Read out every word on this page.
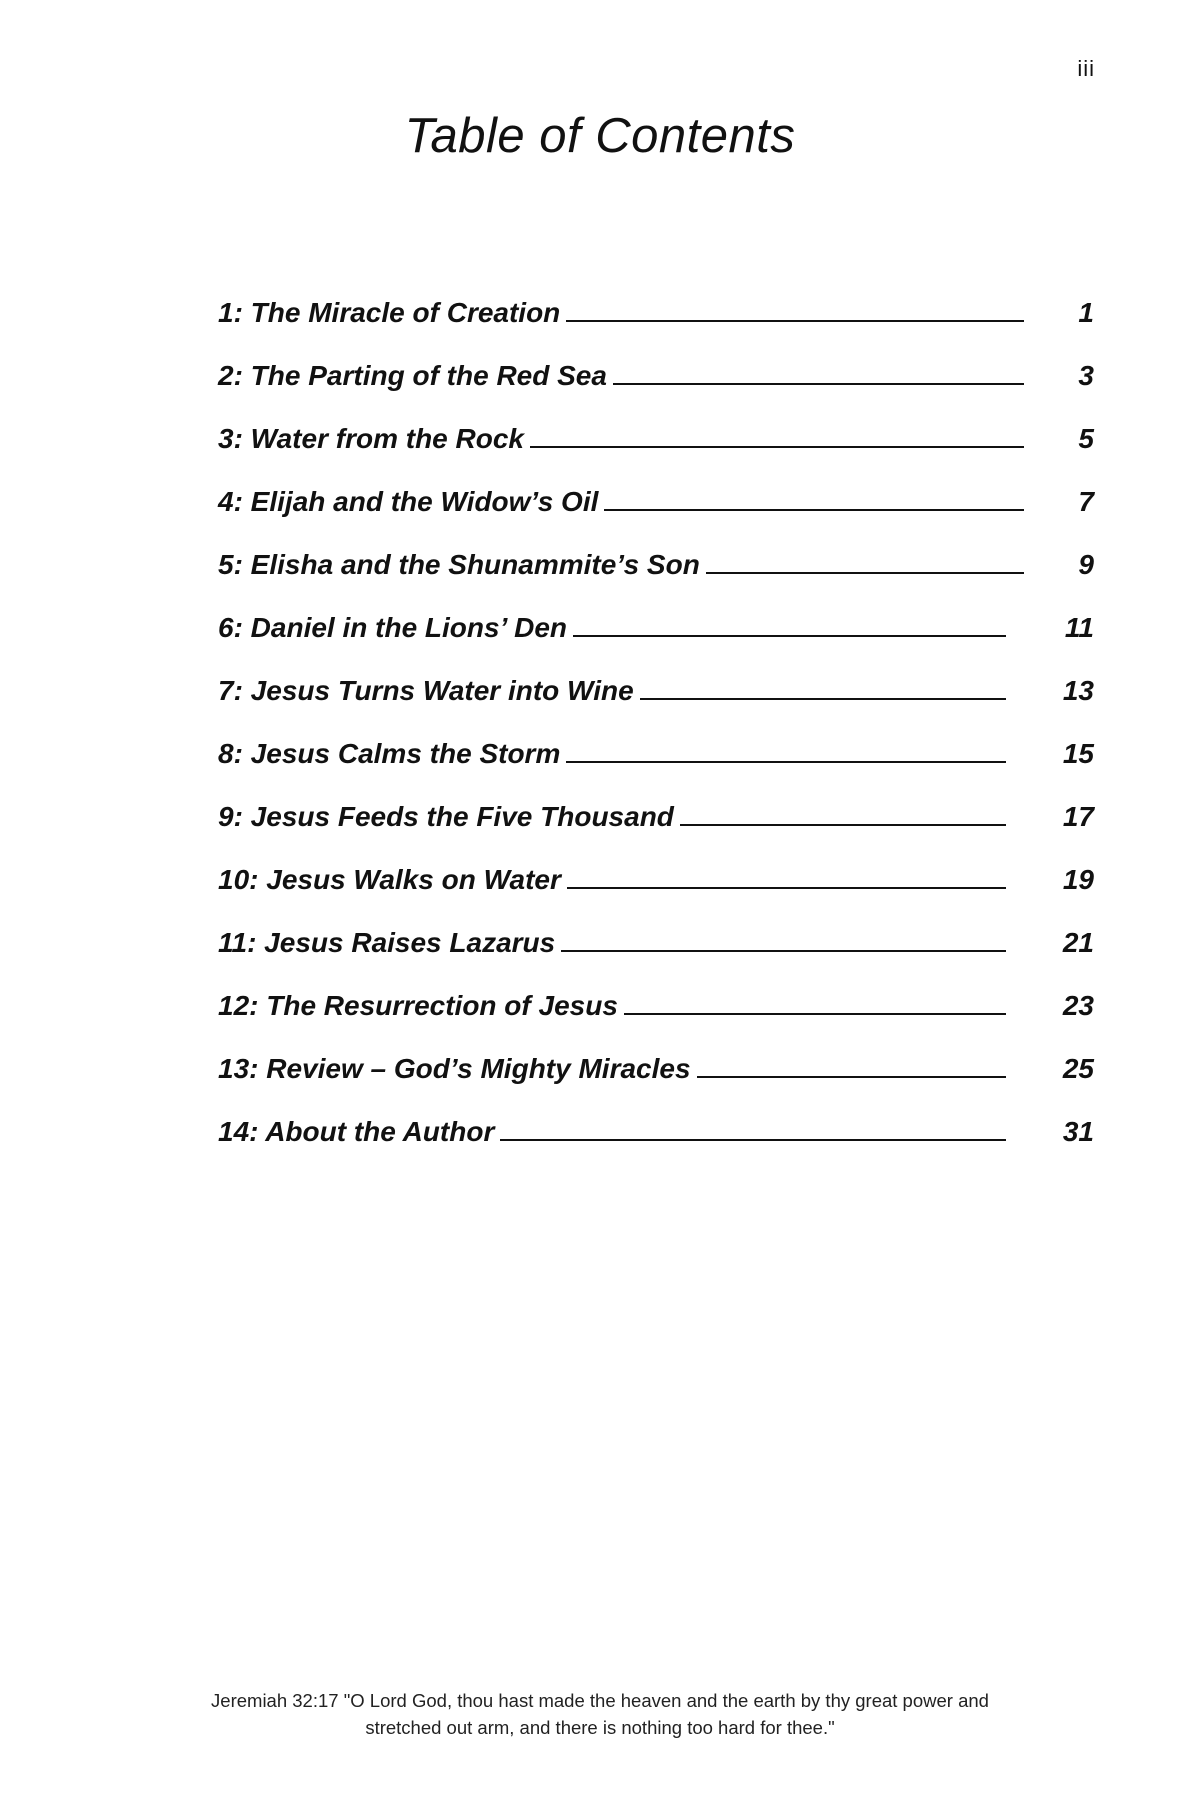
iii
Table of Contents
1: The Miracle of Creation	1
2: The Parting of the Red Sea	3
3: Water from the Rock	5
4: Elijah and the Widow’s Oil	7
5: Elisha and the Shunammite’s Son	9
6: Daniel in the Lions’ Den	11
7: Jesus Turns Water into Wine	13
8: Jesus Calms the Storm	15
9: Jesus Feeds the Five Thousand	17
10: Jesus Walks on Water	19
11: Jesus Raises Lazarus	21
12: The Resurrection of Jesus	23
13: Review – God’s Mighty Miracles	25
14: About the Author	31
Jeremiah 32:17 "O Lord God, thou hast made the heaven and the earth by thy great power and
stretched out arm, and there is nothing too hard for thee."
